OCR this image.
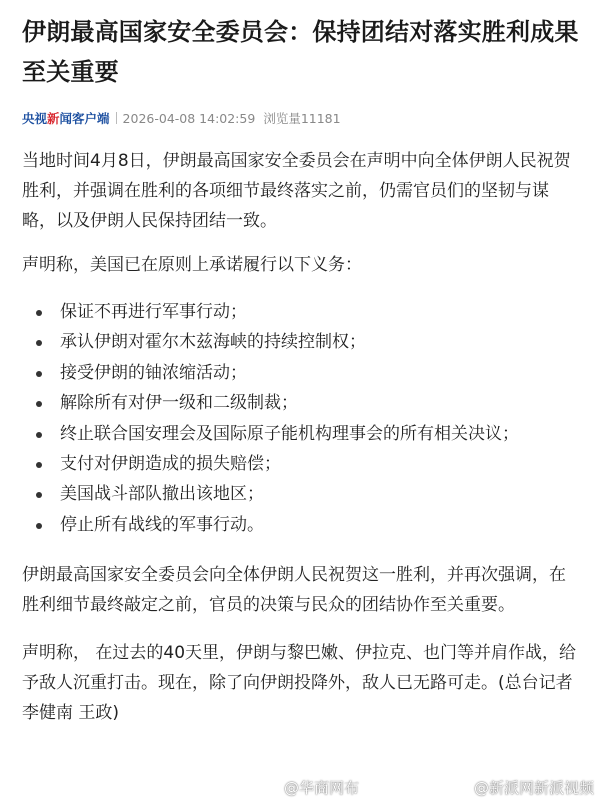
伊朗最高国家安全委员会：保持团结对落实胜利成果至关重要
央视新闻客户端 2026-04-08 14:02:59 浏览量11181

当地时间4月8日，伊朗最高国家安全委员会在声明中向全体伊朗人民祝贺胜利，并强调在胜利的各项细节最终落实之前，仍需官员们的坚韧与谋略，以及伊朗人民保持团结一致。

声明称，美国已在原则上承诺履行以下义务：

保证不再进行军事行动；
承认伊朗对霍尔木兹海峡的持续控制权；
接受伊朗的铀浓缩活动；
解除所有对伊一级和二级制裁；
终止联合国安理会及国际原子能机构理事会的所有相关决议；
支付对伊朗造成的损失赔偿；
美国战斗部队撤出该地区；
停止所有战线的军事行动。

伊朗最高国家安全委员会向全体伊朗人民祝贺这一胜利，并再次强调，在胜利细节最终敲定之前，官员的决策与民众的团结协作至关重要。

声明称， 在过去的40天里，伊朗与黎巴嫩、伊拉克、也门等并肩作战，给予敌人沉重打击。现在，除了向伊朗投降外，敌人已无路可走。(总台记者 李健南 王政)

@华商网布	@新派网新派视频
